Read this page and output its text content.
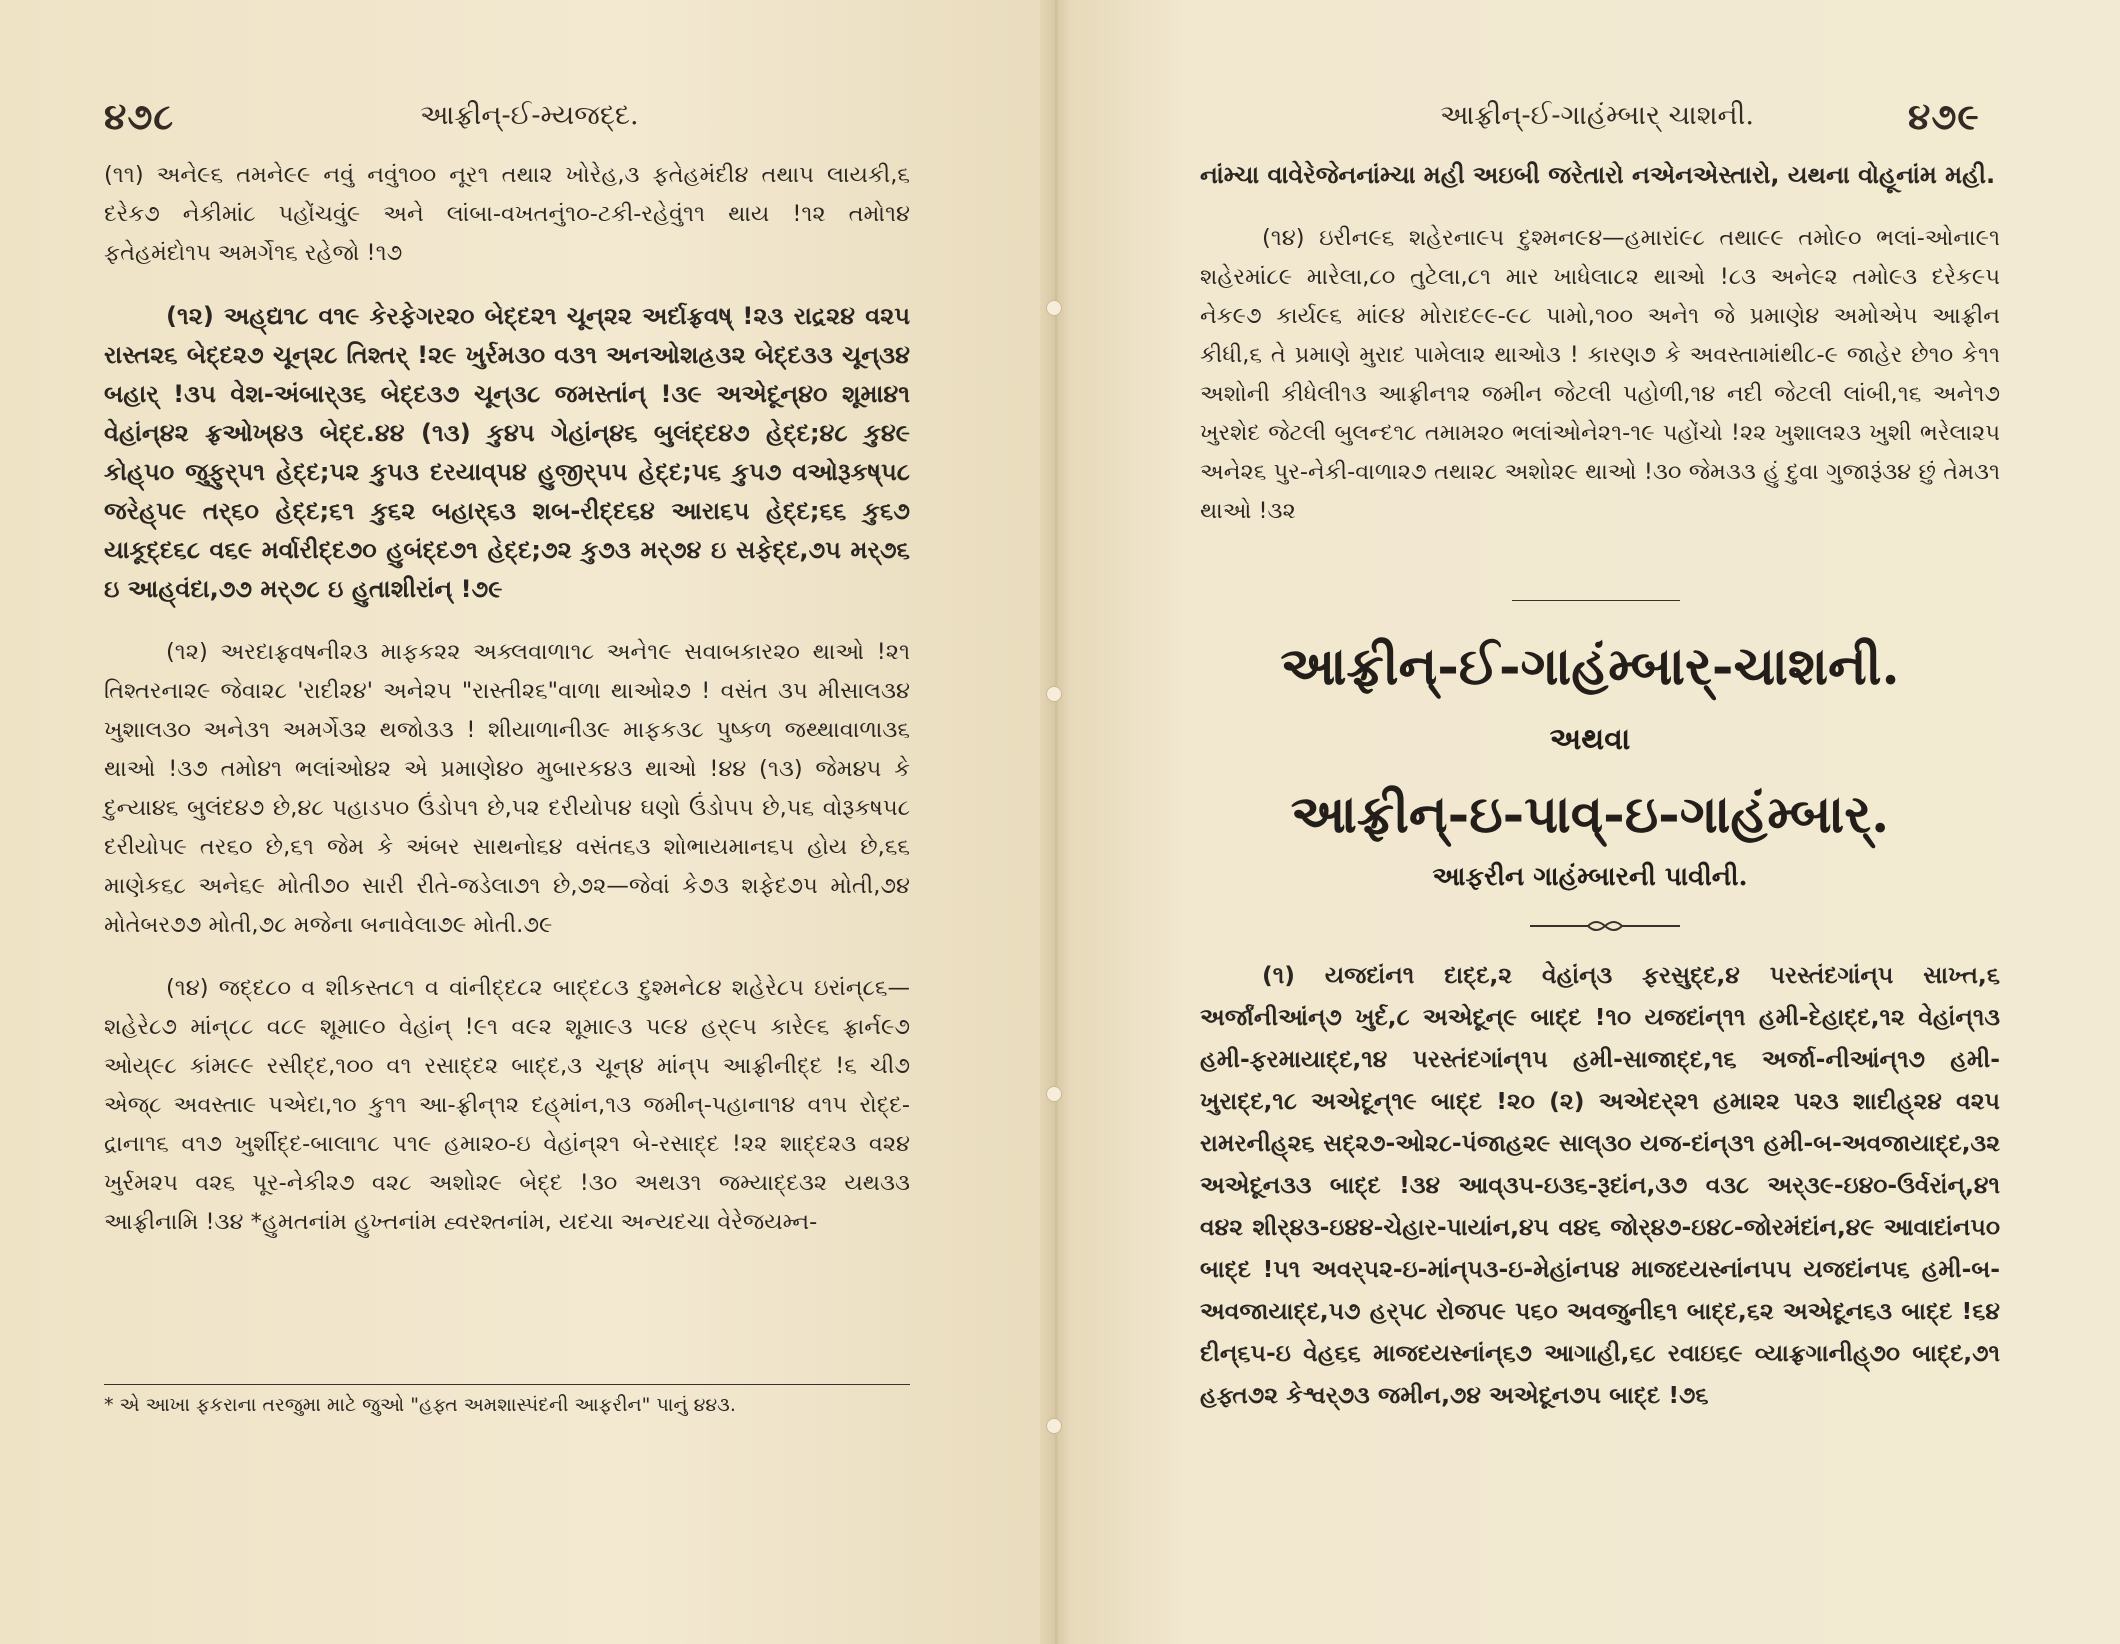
૪૭૮	આફ્રીન્-ઈ-મ્યજદ્દ.

(૧૧) અને૯૬ તમને૯૯ નવું નવું૧૦૦ નૂર૧ તથા૨ ખોરેહ,૩ ફતેહમંદી૪ તથા૫ લાયકી,૬ દરેક૭ નેકીમાં૮ પહોંચવું૯ અને લાંબા-વખતનું૧૦-ટકી-રહેવું૧૧ થાય !૧૨ તમો૧૪ ફતેહમંદો૧૫ અમર્ગે૧૬ રહેજો !૧૭

(૧૨) અહ્‌દ્ય૧૮ વ૧૯ કેરફેગર૨૦ બેદ્દ૨૧ ચૂન્૨૨ અર્દાફ્રવષ્ !૨૩ રાદ્ર૨૪ વ૨૫ રાસ્ત૨૬ બેદ્દ૨૭ ચૂન્૨૮ તિશ્તર્ !૨૯ ખુર્રમ૩૦ વ૩૧ અનઓશહ્ર૩૨ બેદ્દ૩૩ ચૂન્૩૪ બહાર્ !૩૫ વેશ-અંબાર્૩૬ બેદ્દ૩૭ ચૂન્૩૮ જમસ્તાંન્ !૩૯ અએદૂન્૪૦ શૂમા૪૧ વેહાંન્૪૨ ફ્રઓખ્૪૩ બેદ્દ.૪૪ (૧૩) કુ૪૫ ગેહાંન્૪૬ બુલંદ્દ૪૭ હેદ્દ;૪૮ કુ૪૯ કોહ્૫૦ જુફુર્૫૧ હેદ્દ;૫૨ કુ૫૩ દરયાવ્૫૪ હુજીર્૫૫ હેદ્દ;૫૬ કુ૫૭ વઓરૂકષ્૫૮ જરેહ્૫૯ તર્૬૦ હેદ્દ;૬૧ કુ૬૨ બહાર્૬૩ શબ-રીદ્દ૬૪ આરા૬૫ હેદ્દ;૬૬ કુ૬૭ યાકૂદ્દ૬૮ વ૬૯ મર્વારીદ્દ૭૦ હુબંદ્દ૭૧ હેદ્દ;૭૨ કુ૭૩ મર્૭૪ ઇ સફેદ્દ,૭૫ મર્૭૬ ઇ આહ્‌વંદા,૭૭ મર્૭૮ ઇ હુતાશીરાંન્ !૭૯

(૧૨) અરદાફ્રવષની૨૩ માફક૨૨ અક્લવાળા૧૮ અને૧૯ સવાબકાર૨૦ થાઓ !૨૧ તિશ્તરના૨૯ જેવા૨૮ 'રાદી૨૪' અને૨૫ "રાસ્તી૨૬"વાળા થાઓ૨૭ ! વસંત ૩૫ મીસાલ૩૪ ખુશાલ૩૦ અને૩૧ અમર્ગે૩૨ થજો૩૩ ! શીયાળાની૩૯ માફક૩૮ પુષ્કળ જથ્થાવાળા૩૬ થાઓ !૩૭ તમો૪૧ ભલાંઓ૪૨ એ પ્રમાણે૪૦ મુબારક૪૩ થાઓ !૪૪ (૧૩) જેમ૪૫ કે દુન્યા૪૬ બુલંદ૪૭ છે,૪૮ પહાડ૫૦ ઉંડો૫૧ છે,૫૨ દરીયો૫૪ ઘણો ઉંડો૫૫ છે,૫૬ વોરૂકષ૫૮ દરીયો૫૯ તર૬૦ છે,૬૧ જેમ કે અંબર સાથનો૬૪ વસંત૬૩ શોભાયમાન૬૫ હોય છે,૬૬ માણેક૬૮ અને૬૯ મોતી૭૦ સારી રીતે-જડેલા૭૧ છે,૭૨—જેવાં કે૭૩ શફેદ૭૫ મોતી,૭૪ મોતેબર૭૭ મોતી,૭૮ મજેના બનાવેલા૭૯ મોતી.૭૯

(૧૪) જદ્દ૮૦ વ શીકસ્ત૮૧ વ વાંનીદ્દ૮૨ બાદ્દ૮૩ દુશ્મને૮૪ શહેરે૮૫ ઇરાંન્૮૬—શહેરે૮૭ માંન્૮૮ વ૮૯ શૂમા૯૦ વેહાંન્ !૯૧ વ૯૨ શૂમા૯૩ પ૯૪ હર્૯૫ કારે૯૬ ફ્રાર્ન૯૭ ઓય્૯૮ કાંમ૯૯ રસીદ્દ,૧૦૦ વ૧ રસાદ્દ૨ બાદ્દ,૩ ચૂન્૪ માંન્૫ આફ્રીનીદ્દ !૬ ચી૭ એજ્૮ અવસ્તા૯ પએદા,૧૦ કુ૧૧ આ-ફ્રીન્૧૨ દહ્‌માંન,૧૩ જમીન્-પહાના૧૪ વ૧૫ રોદ્દ-દ્રાના૧૬ વ૧૭ ખુર્શીદ્દ-બાલા૧૮ પ૧૯ હમા૨૦-ઇ વેહાંન્૨૧ બે-રસાદ્દ !૨૨ શાદ્દ૨૩ વ૨૪ ખુર્રમ૨૫ વ૨૬ પૂર-નેકી૨૭ વ૨૮ અશો૨૯ બેદ્દ !૩૦ અથ૩૧ જમ્યાદ્દ૩૨ યથ૩૩ આફ્રીનામિ !૩૪ *હુમતનાંમ હુખ્તનાંમ હ્વરશ્તનાંમ, યદચા અન્યદચા વેરેજયમ્ન-

* એ આખા ફકરાના તરજુમા માટે જુઓ "હફ્ત અમશાસ્પંદની આફરીન" પાનું ૪૪૩.
આફ્રીન્-ઈ-ગાહંમ્બાર્ ચાશની.	૪૭૯

નાંમ્ચા વાવેરેજેનનાંમ્ચા મહી અઇબી જરેતારો નએનએસ્તારો, યથના વોહૂનાંમ મહી.

(૧૪) ઇરીન૯૬ શહેરના૯૫ દુશ્મન૯૪—હમારાં૯૮ તથા૯૯ તમો૯૦ ભલાં-ઓના૯૧ શહેરમાં૮૯ મારેલા,૮૦ તુટેલા,૮૧ માર ખાધેલા૮૨ થાઓ !૮૩ અને૯૨ તમો૯૩ દરેક૯૫ નેક૯૭ કાર્ય૯૬ માં૯૪ મોરાદ૯૯-૯૮ પામો,૧૦૦ અને૧ જે પ્રમાણે૪ અમોએ૫ આફ્રીન કીધી,૬ તે પ્રમાણે મુરાદ પામેલા૨ થાઓ૩ ! કારણ૭ કે અવસ્તામાંથી૮-૯ જાહેર છે૧૦ કે૧૧ અશોની કીધેલી૧૩ આફ્રીન૧૨ જમીન જેટલી પહોળી,૧૪ નદી જેટલી લાંબી,૧૬ અને૧૭ ખુરશેદ જેટલી બુલન્દ૧૮ તમામ૨૦ ભલાંઓને૨૧-૧૯ પહોંચો !૨૨ ખુશાલ૨૩ ખુશી ભરેલા૨૫ અને૨૬ પુર-નેકી-વાળા૨૭ તથા૨૮ અશો૨૯ થાઓ !૩૦ જેમ૩૩ હું દુવા ગુજારૂં૩૪ છું તેમ૩૧ થાઓ !૩૨

આફ્રીન્-ઈ-ગાહંમ્બાર્-ચાશની.
અથવા
આફ્રીન્-ઇ-પાવ્-ઇ-ગાહંમ્બાર્.
આફરીન ગાહંમ્બારની પાવીની.

(૧) યજદાંન૧ દાદ્દ,૨ વેહાંન્૩ ફરસુદ્દ,૪ પરસ્તંદગાંન્૫ સાખ્ત,૬ અર્જાંનીઆંન્૭ ખુર્દ,૮ અએદૂન્૯ બાદ્દ !૧૦ યજદાંન્૧૧ હમી-દેહાદ્દ,૧૨ વેહાંન્૧૩ હમી-ફરમાયાદ્દ,૧૪ પરસ્તંદગાંન્૧૫ હમી-સાજાદ્દ,૧૬ અર્જા-નીઆંન્૧૭ હમી-ખુરાદ્દ,૧૮ અએદૂન્૧૯ બાદ્દ !૨૦ (૨) અએદર્૨૧ હમા૨૨ પ૨૩ શાદીહ્૨૪ વ૨૫ રામરનીહ્૨૬ સદ્૨૭-ઓ૨૮-પંજાહ૨૯ સાલ્૩૦ યજ-દાંન્૩૧ હમી-બ-અવજાયાદ્દ,૩૨ અએદૂન૩૩ બાદ્દ !૩૪ આવ્૩૫-ઇ૩૬-રૂદાંન,૩૭ વ૩૮ અર્૩૯-ઇ૪૦-ઉર્વરાંન્,૪૧ વ૪૨ શીર્૪૩-ઇ૪૪-ચેહાર-પાયાંન,૪૫ વ૪૬ જોર્૪૭-ઇ૪૮-જોરમંદાંન,૪૯ આવાદાંન૫૦ બાદ્દ !૫૧ અવર્૫૨-ઇ-માંન્૫૩-ઇ-મેહાંન૫૪ માજદયસ્નાંન૫૫ યજદાંન૫૬ હમી-બ-અવજાયાદ્દ,૫૭ હર્૫૮ રોજ૫૯ પ૬૦ અવજુની૬૧ બાદ્દ,૬૨ અએદૂન૬૩ બાદ્દ !૬૪ દીન્૬૫-ઇ વેહ૬૬ માજદયસ્નાંન્૬૭ આગાહી,૬૮ રવાઇ૬૯ વ્યાફ્રગાનીહ્૭૦ બાદ્દ,૭૧ હફ્ત૭૨ કેશ્વર્૭૩ જમીન,૭૪ અએદૂન૭૫ બાદ્દ !૭૬
